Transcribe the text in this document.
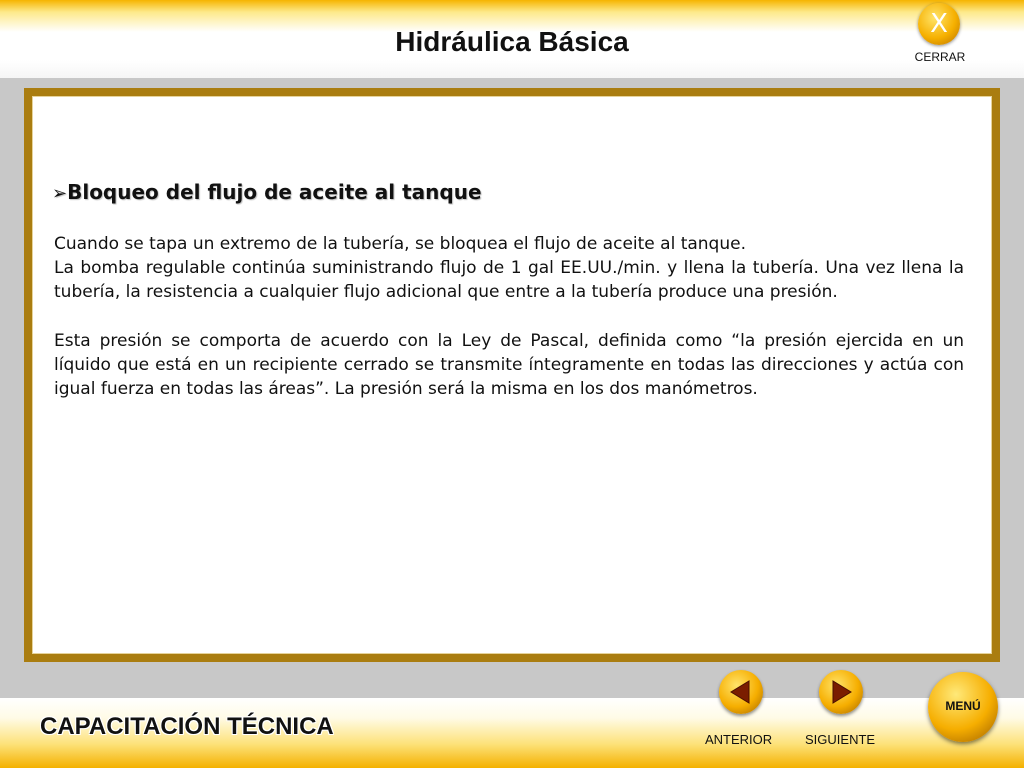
Hidráulica Básica
X
CERRAR
➢Bloqueo del flujo de aceite al tanque

Cuando se tapa un extremo de la tubería, se bloquea el flujo de aceite al tanque.

La bomba regulable continúa suministrando flujo de 1 gal EE.UU./min. y llena la tubería. Una vez llena la tubería, la resistencia a cualquier flujo adicional que entre a la tubería produce una presión.

Esta presión se comporta de acuerdo con la Ley de Pascal, definida como “la presión ejercida en un líquido que está en un recipiente cerrado se transmite íntegramente en todas las direcciones y actúa con igual fuerza en todas las áreas”. La presión será la misma en los dos manómetros.

CAPACITACIÓN TÉCNICA	ANTERIOR	SIGUIENTE
MENÚ
